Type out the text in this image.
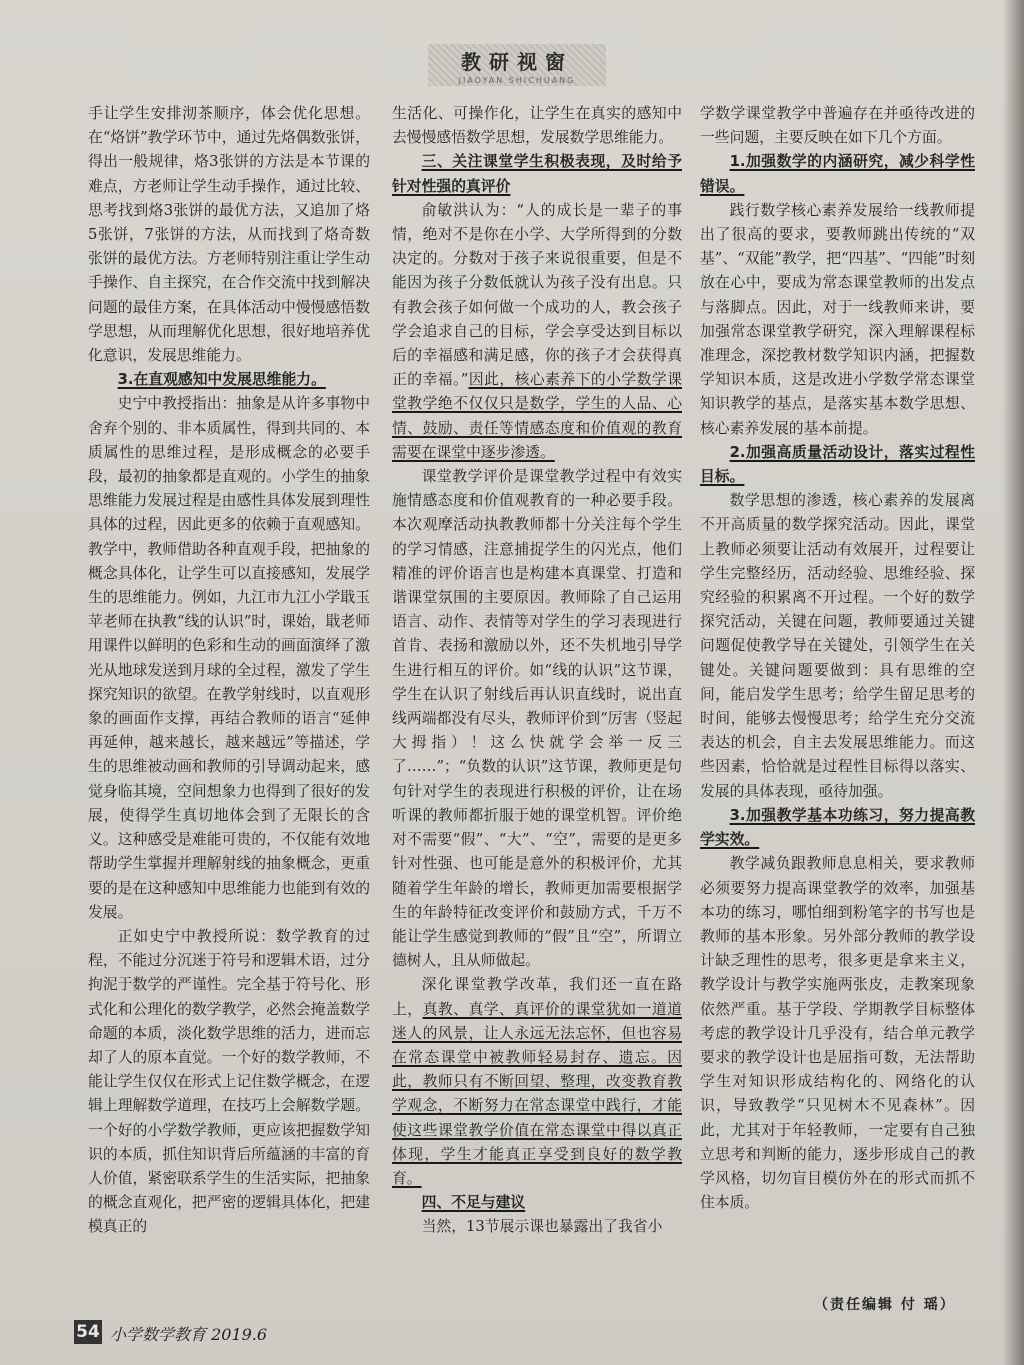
教研视窗
JIAOYAN SHICHUANG

手让学生安排沏茶顺序，体会优化思想。在“烙饼”教学环节中，通过先烙偶数张饼，得出一般规律，烙3张饼的方法是本节课的难点，方老师让学生动手操作，通过比较、思考找到烙3张饼的最优方法，又追加了烙5张饼，7张饼的方法，从而找到了烙奇数张饼的最优方法。方老师特别注重让学生动手操作、自主探究，在合作交流中找到解决问题的最佳方案，在具体活动中慢慢感悟数学思想，从而理解优化思想，很好地培养优化意识，发展思维能力。

3.在直观感知中发展思维能力。

史宁中教授指出：抽象是从许多事物中舍弃个别的、非本质属性，得到共同的、本质属性的思维过程，是形成概念的必要手段，最初的抽象都是直观的。小学生的抽象思维能力发展过程是由感性具体发展到理性具体的过程，因此更多的依赖于直观感知。教学中，教师借助各种直观手段，把抽象的概念具体化，让学生可以直接感知，发展学生的思维能力。例如，九江市九江小学戢玉苹老师在执教“线的认识”时，课始，戢老师用课件以鲜明的色彩和生动的画面演绎了激光从地球发送到月球的全过程，激发了学生探究知识的欲望。在教学射线时，以直观形象的画面作支撑，再结合教师的语言“延伸再延伸，越来越长，越来越远”等描述，学生的思维被动画和教师的引导调动起来，感觉身临其境，空间想象力也得到了很好的发展，使得学生真切地体会到了无限长的含义。这种感受是难能可贵的，不仅能有效地帮助学生掌握并理解射线的抽象概念，更重要的是在这种感知中思维能力也能到有效的发展。

正如史宁中教授所说：数学教育的过程，不能过分沉迷于符号和逻辑术语，过分拘泥于数学的严谨性。完全基于符号化、形式化和公理化的数学教学，必然会掩盖数学命题的本质，淡化数学思维的活力，进而忘却了人的原本直觉。一个好的数学教师，不能让学生仅仅在形式上记住数学概念，在逻辑上理解数学道理，在技巧上会解数学题。一个好的小学数学教师，更应该把握数学知识的本质，抓住知识背后所蕴涵的丰富的育人价值，紧密联系学生的生活实际，把抽象的概念直观化，把严密的逻辑具体化，把建模真正的

生活化、可操作化，让学生在真实的感知中去慢慢感悟数学思想，发展数学思维能力。

三、关注课堂学生积极表现，及时给予针对性强的真评价

俞敏洪认为：“人的成长是一辈子的事情，绝对不是你在小学、大学所得到的分数决定的。分数对于孩子来说很重要，但是不能因为孩子分数低就认为孩子没有出息。只有教会孩子如何做一个成功的人，教会孩子学会追求自己的目标，学会享受达到目标以后的幸福感和满足感，你的孩子才会获得真正的幸福。”因此，核心素养下的小学数学课堂教学绝不仅仅只是数学，学生的人品、心情、鼓励、责任等情感态度和价值观的教育需要在课堂中逐步渗透。

课堂教学评价是课堂教学过程中有效实施情感态度和价值观教育的一种必要手段。本次观摩活动执教教师都十分关注每个学生的学习情感，注意捕捉学生的闪光点，他们精准的评价语言也是构建本真课堂、打造和谐课堂氛围的主要原因。教师除了自己运用语言、动作、表情等对学生的学习表现进行首肯、表扬和激励以外，还不失机地引导学生进行相互的评价。如“线的认识”这节课，学生在认识了射线后再认识直线时，说出直线两端都没有尽头，教师评价到“厉害（竖起大拇指）！这么快就学会举一反三了……”；“负数的认识”这节课，教师更是句句针对学生的表现进行积极的评价，让在场听课的教师都折服于她的课堂机智。评价绝对不需要“假”、“大”、“空”，需要的是更多针对性强、也可能是意外的积极评价，尤其随着学生年龄的增长，教师更加需要根据学生的年龄特征改变评价和鼓励方式，千万不能让学生感觉到教师的“假”且“空”，所谓立德树人，且从师做起。

深化课堂教学改革，我们还一直在路上，真教、真学、真评价的课堂犹如一道道迷人的风景，让人永远无法忘怀，但也容易在常态课堂中被教师轻易封存、遗忘。因此，教师只有不断回望、整理，改变教育教学观念，不断努力在常态课堂中践行，才能使这些课堂教学价值在常态课堂中得以真正体现，学生才能真正享受到良好的数学教育。

四、不足与建议

当然，13节展示课也暴露出了我省小

学数学课堂教学中普遍存在并亟待改进的一些问题，主要反映在如下几个方面。

1.加强数学的内涵研究，减少科学性错误。

践行数学核心素养发展给一线教师提出了很高的要求，要教师跳出传统的“双基”、“双能”教学，把“四基”、“四能”时刻放在心中，要成为常态课堂教师的出发点与落脚点。因此，对于一线教师来讲，要加强常态课堂教学研究，深入理解课程标准理念，深挖教材数学知识内涵，把握数学知识本质，这是改进小学数学常态课堂知识教学的基点，是落实基本数学思想、核心素养发展的基本前提。

2.加强高质量活动设计，落实过程性目标。

数学思想的渗透，核心素养的发展离不开高质量的数学探究活动。因此，课堂上教师必须要让活动有效展开，过程要让学生完整经历，活动经验、思维经验、探究经验的积累离不开过程。一个好的数学探究活动，关键在问题，教师要通过关键问题促使教学导在关键处，引领学生在关键处。关键问题要做到：具有思维的空间，能启发学生思考；给学生留足思考的时间，能够去慢慢思考；给学生充分交流表达的机会，自主去发展思维能力。而这些因素，恰恰就是过程性目标得以落实、发展的具体表现，亟待加强。

3.加强教学基本功练习，努力提高教学实效。

教学减负跟教师息息相关，要求教师必须要努力提高课堂教学的效率，加强基本功的练习，哪怕细到粉笔字的书写也是教师的基本形象。另外部分教师的教学设计缺乏理性的思考，很多更是拿来主义，教学设计与教学实施两张皮，走教案现象依然严重。基于学段、学期教学目标整体考虑的教学设计几乎没有，结合单元教学要求的教学设计也是屈指可数，无法帮助学生对知识形成结构化的、网络化的认识，导致教学“只见树木不见森林”。因此，尤其对于年轻教师，一定要有自己独立思考和判断的能力，逐步形成自己的教学风格，切勿盲目模仿外在的形式而抓不住本质。

54 小学数学教育 2019.6
（责任编辑 付 瑶）
